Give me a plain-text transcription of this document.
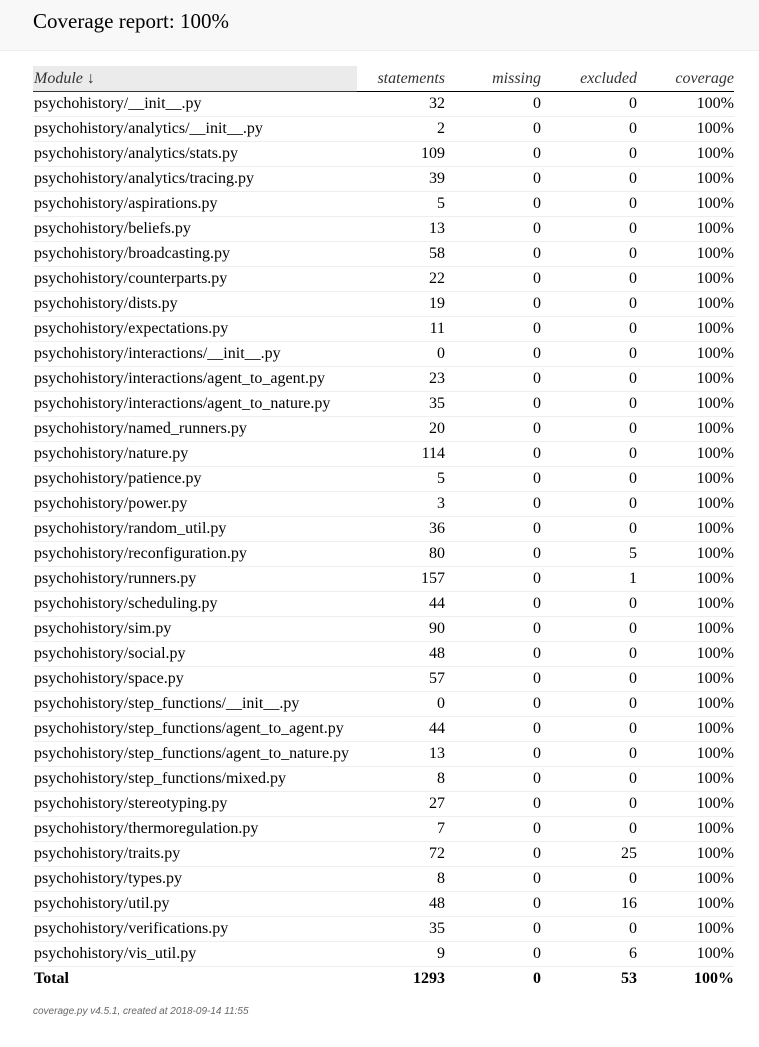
Coverage report: 100%
Module ↓	statements	missing	excluded	coverage
psychohistory/__init__.py	32	0	0	100%
psychohistory/analytics/__init__.py	2	0	0	100%
psychohistory/analytics/stats.py	109	0	0	100%
psychohistory/analytics/tracing.py	39	0	0	100%
psychohistory/aspirations.py	5	0	0	100%
psychohistory/beliefs.py	13	0	0	100%
psychohistory/broadcasting.py	58	0	0	100%
psychohistory/counterparts.py	22	0	0	100%
psychohistory/dists.py	19	0	0	100%
psychohistory/expectations.py	11	0	0	100%
psychohistory/interactions/__init__.py	0	0	0	100%
psychohistory/interactions/agent_to_agent.py	23	0	0	100%
psychohistory/interactions/agent_to_nature.py	35	0	0	100%
psychohistory/named_runners.py	20	0	0	100%
psychohistory/nature.py	114	0	0	100%
psychohistory/patience.py	5	0	0	100%
psychohistory/power.py	3	0	0	100%
psychohistory/random_util.py	36	0	0	100%
psychohistory/reconfiguration.py	80	0	5	100%
psychohistory/runners.py	157	0	1	100%
psychohistory/scheduling.py	44	0	0	100%
psychohistory/sim.py	90	0	0	100%
psychohistory/social.py	48	0	0	100%
psychohistory/space.py	57	0	0	100%
psychohistory/step_functions/__init__.py	0	0	0	100%
psychohistory/step_functions/agent_to_agent.py	44	0	0	100%
psychohistory/step_functions/agent_to_nature.py	13	0	0	100%
psychohistory/step_functions/mixed.py	8	0	0	100%
psychohistory/stereotyping.py	27	0	0	100%
psychohistory/thermoregulation.py	7	0	0	100%
psychohistory/traits.py	72	0	25	100%
psychohistory/types.py	8	0	0	100%
psychohistory/util.py	48	0	16	100%
psychohistory/verifications.py	35	0	0	100%
psychohistory/vis_util.py	9	0	6	100%
Total	1293	0	53	100%
coverage.py v4.5.1, created at 2018-09-14 11:55
